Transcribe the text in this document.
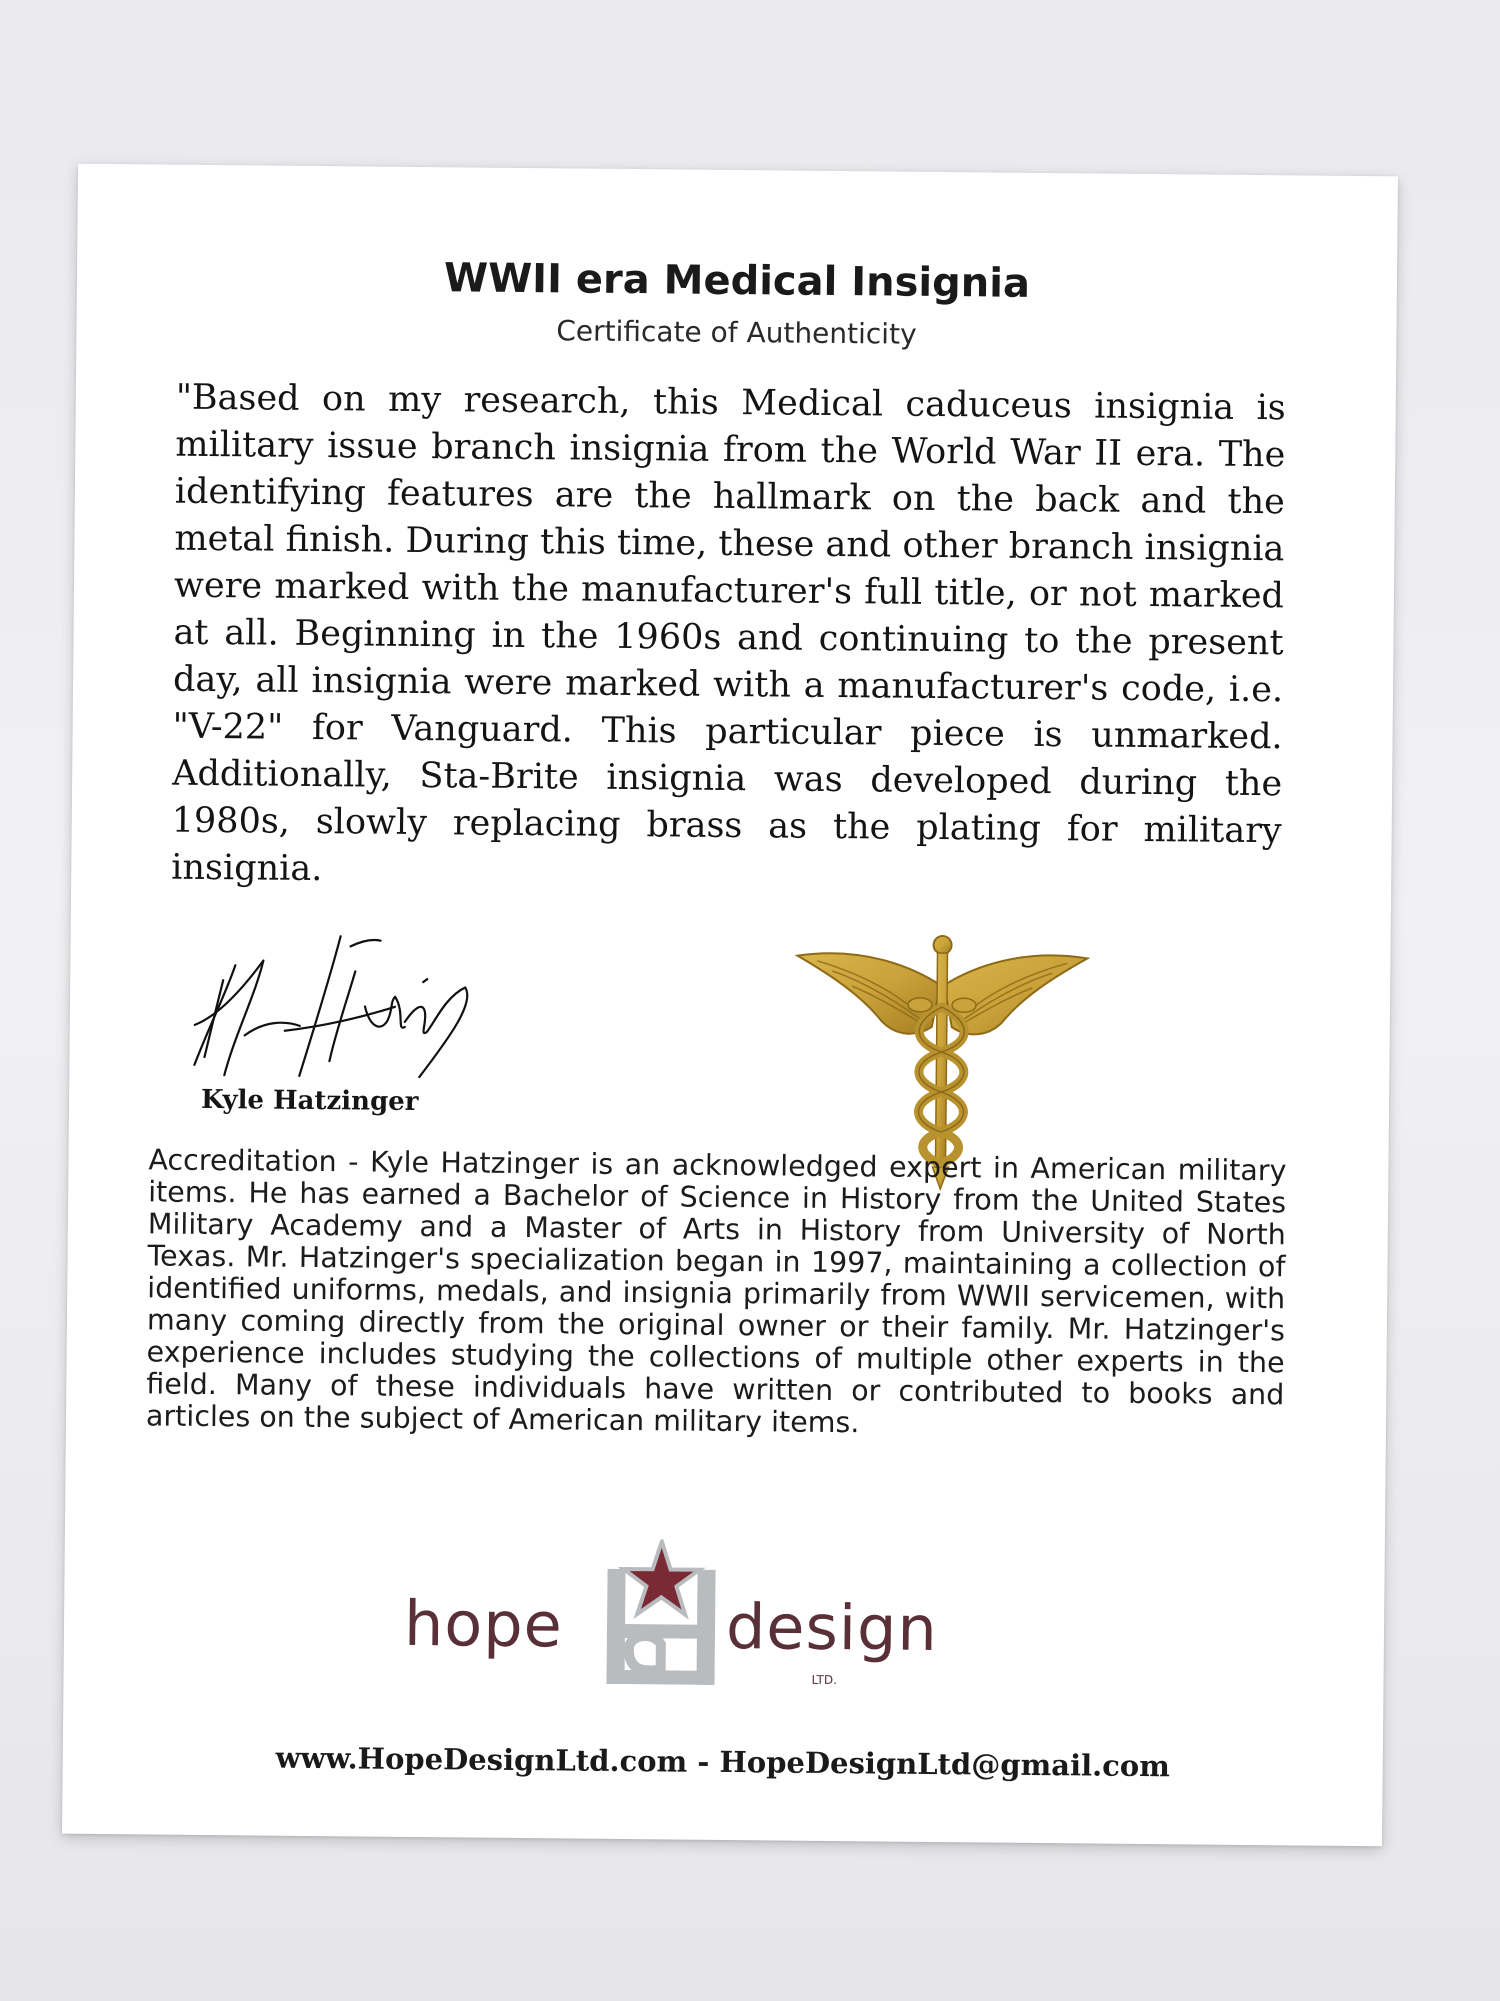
WWII era Medical Insignia
Certificate of Authenticity
"Based on my research, this Medical caduceus insignia is military issue branch insignia from the World War II era. The identifying features are the hallmark on the back and the metal finish. During this time, these and other branch insignia were marked with the manufacturer's full title, or not marked at all. Beginning in the 1960s and continuing to the present day, all insignia were marked with a manufacturer's code, i.e. "V-22" for Vanguard. This particular piece is unmarked. Additionally, Sta-Brite insignia was developed during the 1980s, slowly replacing brass as the plating for military insignia.
Kyle Hatzinger
Accreditation - Kyle Hatzinger is an acknowledged expert in American military items. He has earned a Bachelor of Science in History from the United States Military Academy and a Master of Arts in History from University of North Texas. Mr. Hatzinger's specialization began in 1997, maintaining a collection of identified uniforms, medals, and insignia primarily from WWII servicemen, with many coming directly from the original owner or their family. Mr. Hatzinger's experience includes studying the collections of multiple other experts in the field. Many of these individuals have written or contributed to books and articles on the subject of American military items.
hope	design
LTD.
www.HopeDesignLtd.com - HopeDesignLtd@gmail.com
